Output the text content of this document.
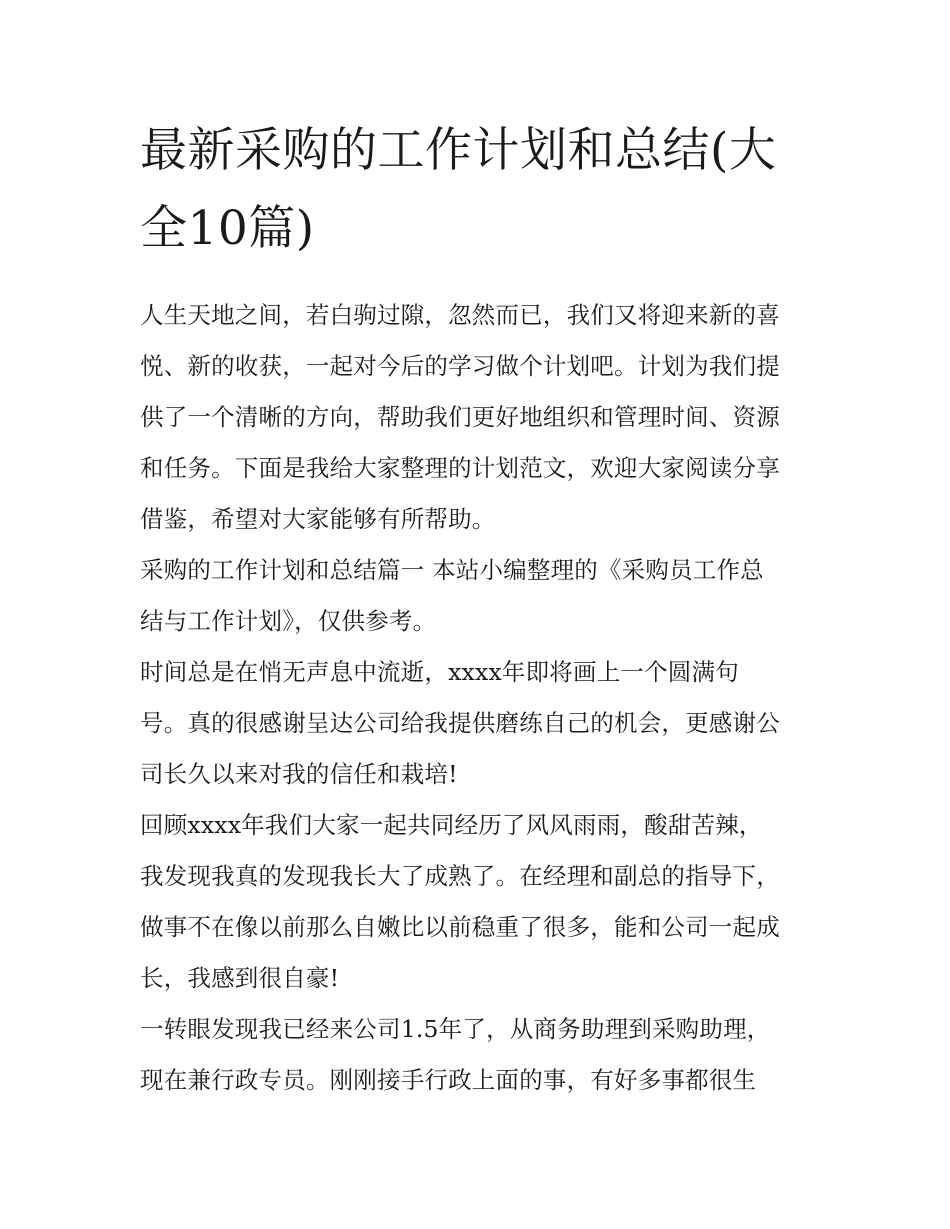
最新采购的工作计划和总结(大
全10篇)

人生天地之间，若白驹过隙，忽然而已，我们又将迎来新的喜
悦、新的收获，一起对今后的学习做个计划吧。计划为我们提
供了一个清晰的方向，帮助我们更好地组织和管理时间、资源
和任务。下面是我给大家整理的计划范文，欢迎大家阅读分享
借鉴，希望对大家能够有所帮助。

采购的工作计划和总结篇一 本站小编整理的《采购员工作总
结与工作计划》，仅供参考。

时间总是在悄无声息中流逝，xxxx年即将画上一个圆满句
号。真的很感谢呈达公司给我提供磨练自己的机会，更感谢公
司长久以来对我的信任和栽培!

回顾xxxx年我们大家一起共同经历了风风雨雨，酸甜苦辣，
我发现我真的发现我长大了成熟了。在经理和副总的指导下，
做事不在像以前那么自嫩比以前稳重了很多，能和公司一起成
长，我感到很自豪!

一转眼发现我已经来公司1.5年了，从商务助理到采购助理，
现在兼行政专员。刚刚接手行政上面的事，有好多事都很生
